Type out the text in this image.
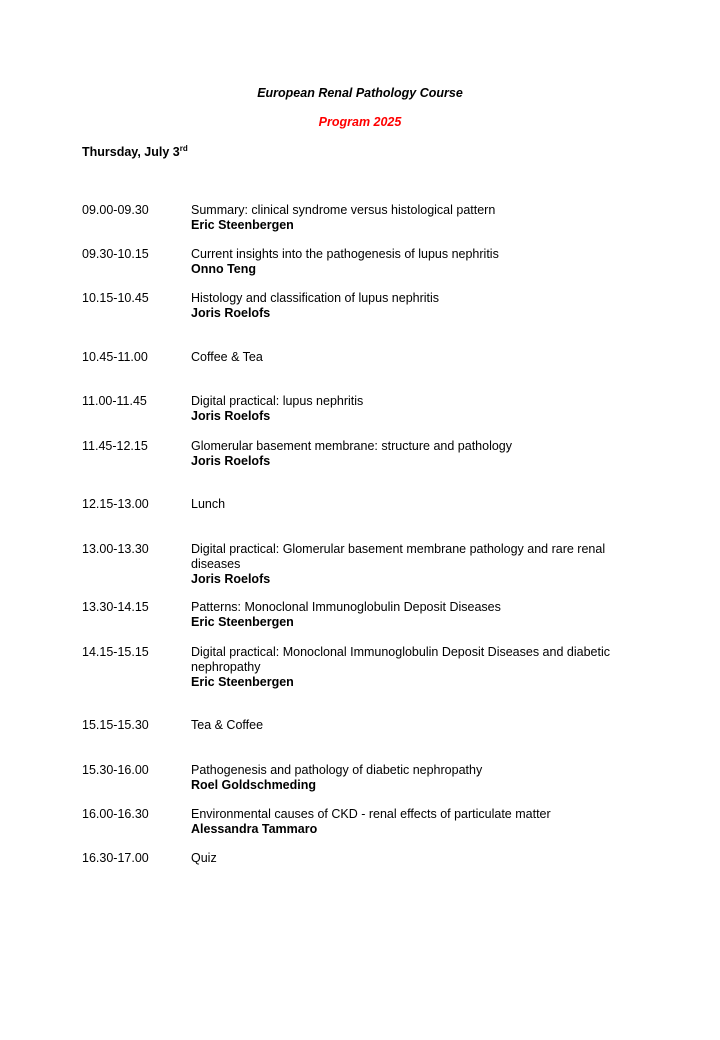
European Renal Pathology Course
Program 2025
Thursday, July 3rd
09.00-09.30	Summary: clinical syndrome versus histological pattern
Eric Steenbergen
09.30-10.15	Current insights into the pathogenesis of lupus nephritis
Onno Teng
10.15-10.45	Histology and classification of lupus nephritis
Joris Roelofs
10.45-11.00	Coffee & Tea
11.00-11.45	Digital practical: lupus nephritis
Joris Roelofs
11.45-12.15	Glomerular basement membrane: structure and pathology
Joris Roelofs
12.15-13.00	Lunch
13.00-13.30	Digital practical: Glomerular basement membrane pathology and rare renal diseases
Joris Roelofs
13.30-14.15	Patterns: Monoclonal Immunoglobulin Deposit Diseases
Eric Steenbergen
14.15-15.15	Digital practical: Monoclonal Immunoglobulin Deposit Diseases and diabetic nephropathy
Eric Steenbergen
15.15-15.30	Tea & Coffee
15.30-16.00	Pathogenesis and pathology of diabetic nephropathy
Roel Goldschmeding
16.00-16.30	Environmental causes of CKD - renal effects of particulate matter
Alessandra Tammaro
16.30-17.00	Quiz
